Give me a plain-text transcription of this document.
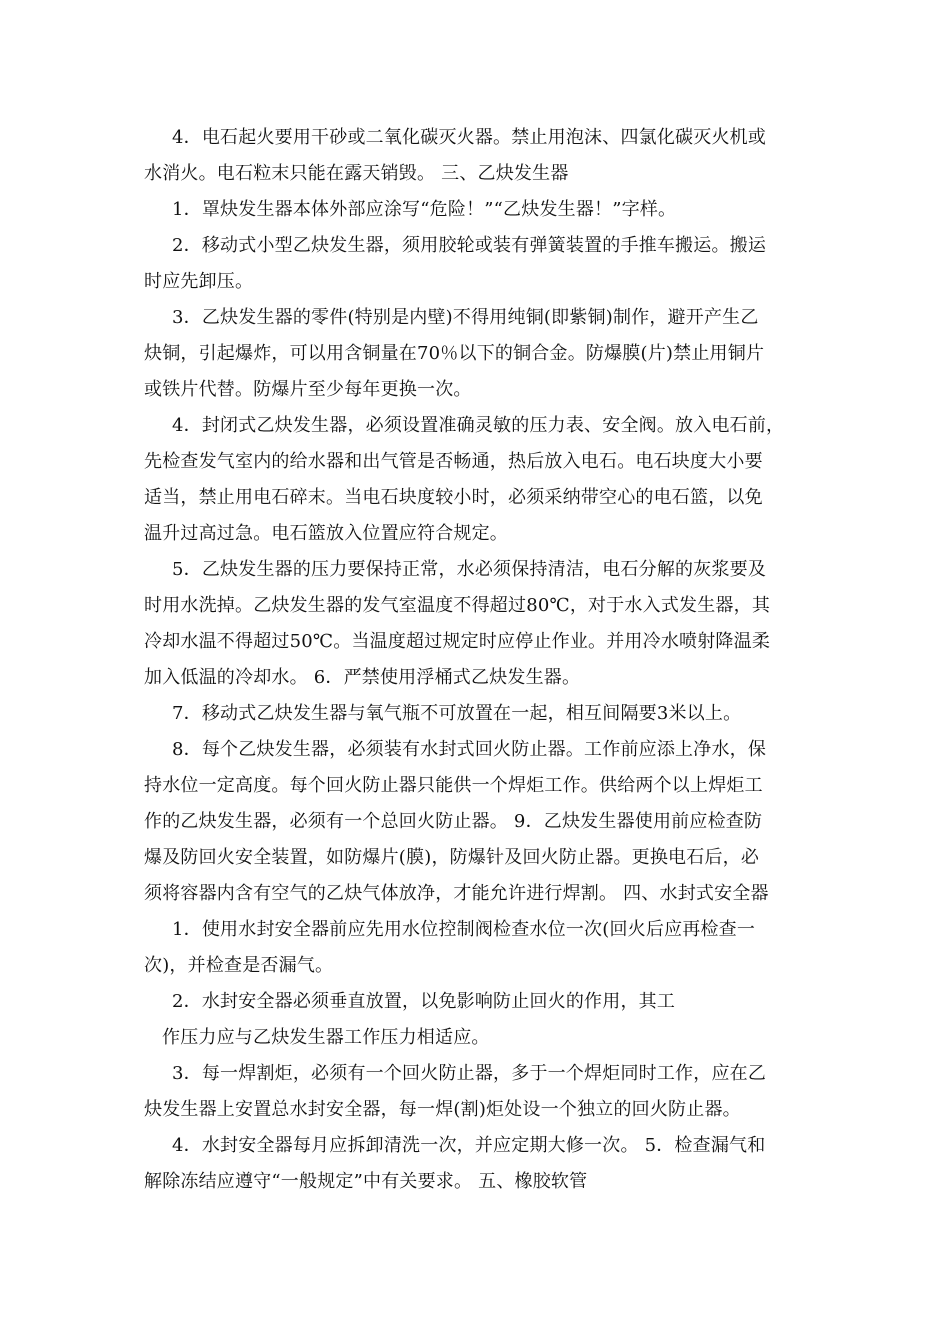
4．电石起火要用干砂或二氧化碳灭火器。禁止用泡沫、四氯化碳灭火机或
水消火。电石粒末只能在露天销毁。 三、乙炔发生器
1．罩炔发生器本体外部应涂写“危险！”“乙炔发生器！”字样。
2．移动式小型乙炔发生器，须用胶轮或装有弹簧装置的手推车搬运。搬运
时应先卸压。
3．乙炔发生器的零件(特别是内壁)不得用纯铜(即紫铜)制作，避开产生乙
炔铜，引起爆炸，可以用含铜量在70％以下的铜合金。防爆膜(片)禁止用铜片
或铁片代替。防爆片至少每年更换一次。
4．封闭式乙炔发生器，必须设置准确灵敏的压力表、安全阀。放入电石前，
先检查发气室内的给水器和出气管是否畅通，热后放入电石。电石块度大小要
适当，禁止用电石碎末。当电石块度较小时，必须采纳带空心的电石篮，以免
温升过高过急。电石篮放入位置应符合规定。
5．乙炔发生器的压力要保持正常，水必须保持清洁，电石分解的灰浆要及
时用水洗掉。乙炔发生器的发气室温度不得超过80℃，对于水入式发生器，其
冷却水温不得超过50℃。当温度超过规定时应停止作业。并用冷水喷射降温柔
加入低温的冷却水。 6．严禁使用浮桶式乙炔发生器。
7．移动式乙炔发生器与氧气瓶不可放置在一起，相互间隔要3米以上。
8．每个乙炔发生器，必须装有水封式回火防止器。工作前应添上净水，保
持水位一定高度。每个回火防止器只能供一个焊炬工作。供给两个以上焊炬工
作的乙炔发生器，必须有一个总回火防止器。 9．乙炔发生器使用前应检查防
爆及防回火安全装置，如防爆片(膜)，防爆针及回火防止器。更换电石后，必
须将容器内含有空气的乙炔气体放净，才能允许进行焊割。 四、水封式安全器
1．使用水封安全器前应先用水位控制阀检查水位一次(回火后应再检查一
次)，并检查是否漏气。
2．水封安全器必须垂直放置，以免影响防止回火的作用，其工
作压力应与乙炔发生器工作压力相适应。
3．每一焊割炬，必须有一个回火防止器，多于一个焊炬同时工作，应在乙
炔发生器上安置总水封安全器，每一焊(割)炬处设一个独立的回火防止器。
4．水封安全器每月应拆卸清洗一次，并应定期大修一次。 5．检查漏气和
解除冻结应遵守“一般规定”中有关要求。 五、橡胶软管
